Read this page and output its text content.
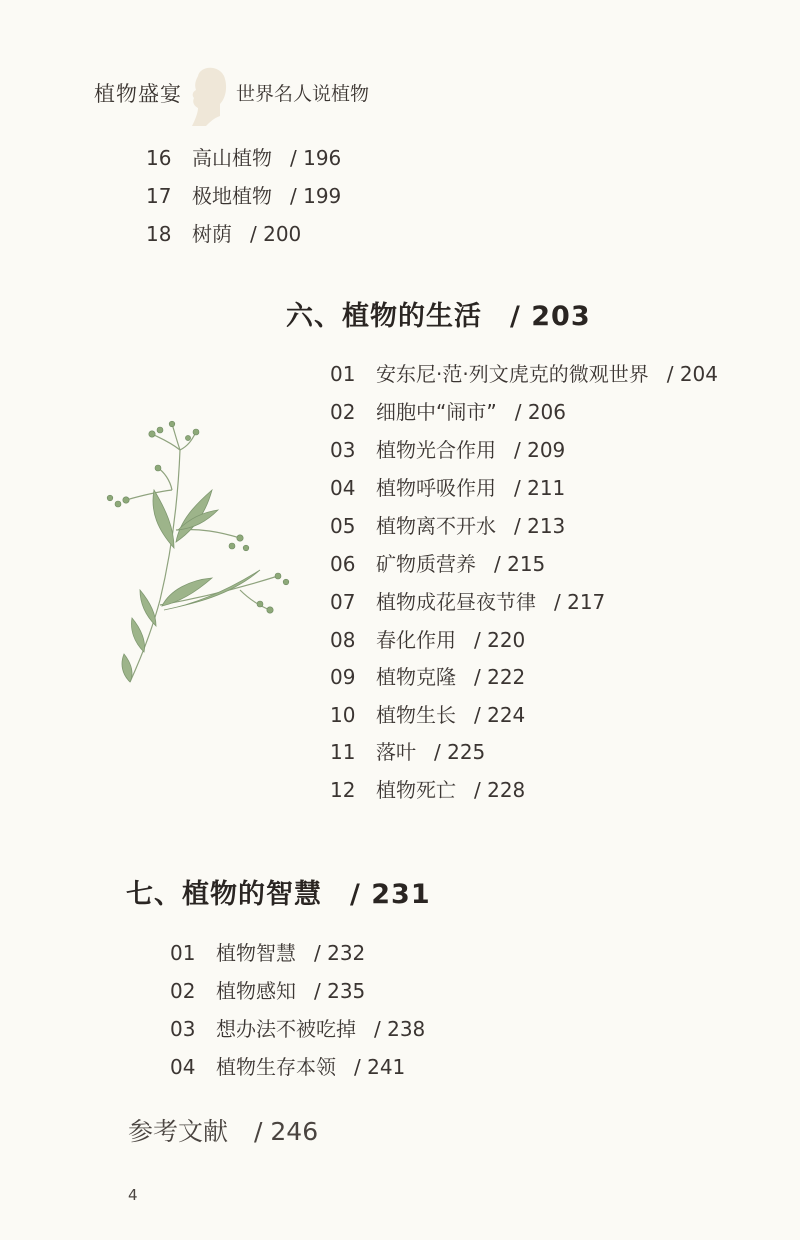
植物盛宴	世界名人说植物
16 高山植物 / 196
17 极地植物 / 199
18 树荫 / 200
六、植物的生活 / 203
01 安东尼·范·列文虎克的微观世界 / 204
02 细胞中“闹市” / 206
03 植物光合作用 / 209
04 植物呼吸作用 / 211
05 植物离不开水 / 213
06 矿物质营养 / 215
07 植物成花昼夜节律 / 217
08 春化作用 / 220
09 植物克隆 / 222
10 植物生长 / 224
11 落叶 / 225
12 植物死亡 / 228
七、植物的智慧 / 231
01 植物智慧 / 232
02 植物感知 / 235
03 想办法不被吃掉 / 238
04 植物生存本领 / 241
参考文献 / 246
4
